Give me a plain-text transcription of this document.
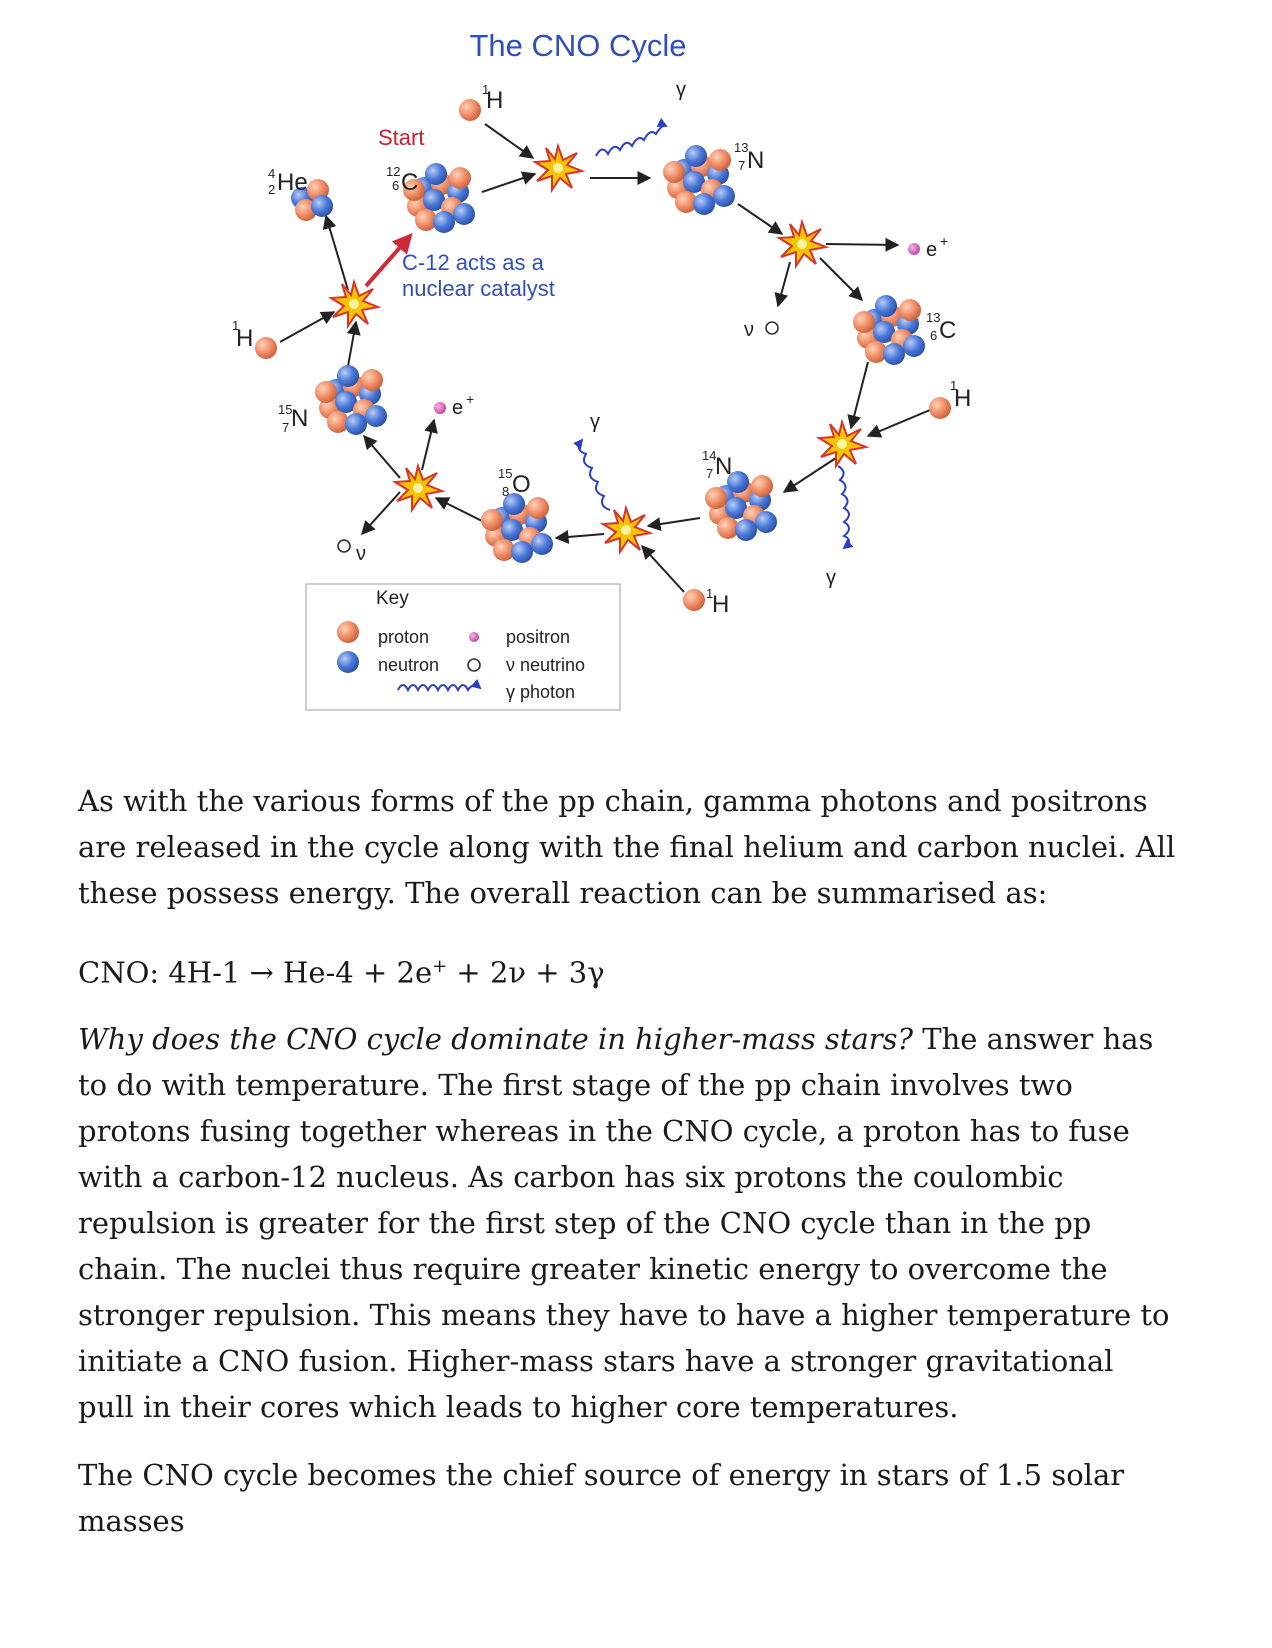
The CNO Cycle
Start
C-12 acts as a
nuclear catalyst
12
6 C
13
7 N
13
6 C
14
7 N
15
8 O
15
7 N
4
2 He
1
H
1
H
1
H
1
H
γ
γ
γ
e +
e +
ν
ν
Key
proton
neutron
positron
ν neutrino
γ photon

As with the various forms of the pp chain, gamma photons and positrons are released in the cycle along with the final helium and carbon nuclei. All these possess energy. The overall reaction can be summarised as:

CNO: 4H-1 → He-4 + 2e+ + 2ν + 3γ

Why does the CNO cycle dominate in higher-mass stars? The answer has to do with temperature. The first stage of the pp chain involves two protons fusing together whereas in the CNO cycle, a proton has to fuse with a carbon-12 nucleus. As carbon has six protons the coulombic repulsion is greater for the first step of the CNO cycle than in the pp chain. The nuclei thus require greater kinetic energy to overcome the stronger repulsion. This means they have to have a higher temperature to initiate a CNO fusion. Higher-mass stars have a stronger gravitational pull in their cores which leads to higher core temperatures.

The CNO cycle becomes the chief source of energy in stars of 1.5 solar masses
